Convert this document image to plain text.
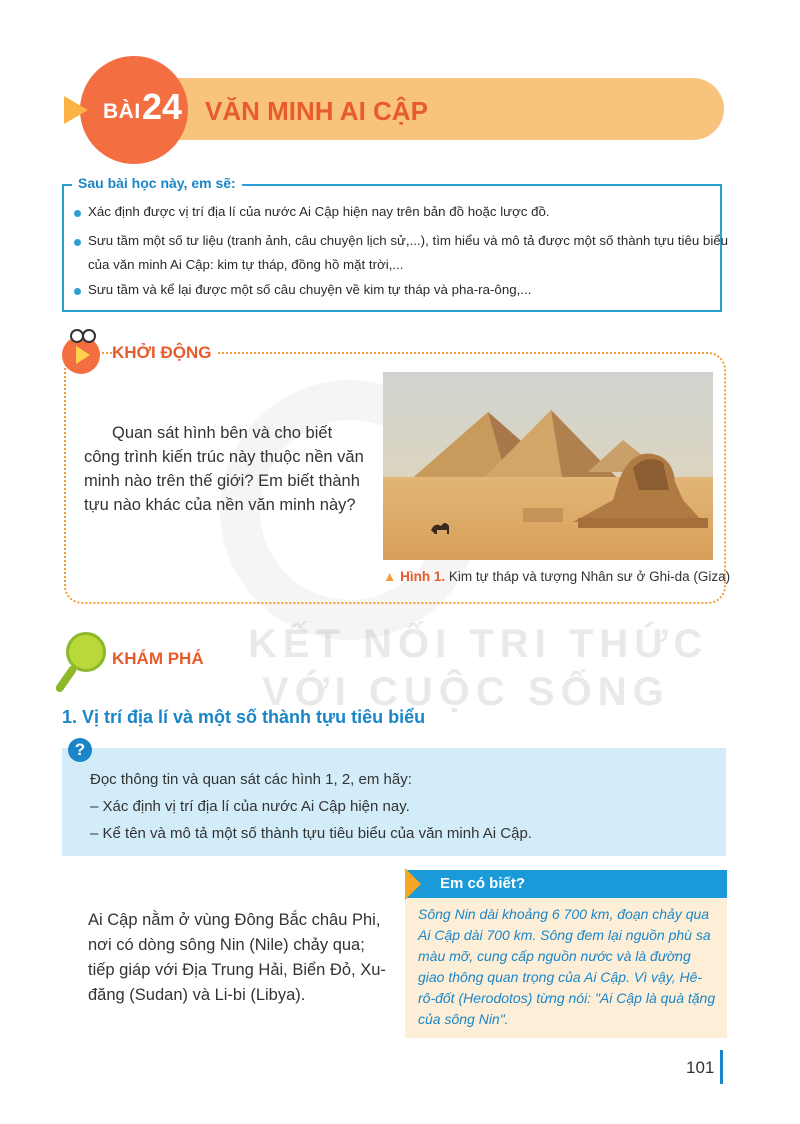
BÀI 24 VĂN MINH AI CẬP
Sau bài học này, em sẽ:
Xác định được vị trí địa lí của nước Ai Cập hiện nay trên bản đồ hoặc lược đồ.
Sưu tầm một số tư liệu (tranh ảnh, câu chuyện lịch sử,...), tìm hiểu và mô tả được một số thành tựu tiêu biểu
của văn minh Ai Cập: kim tự tháp, đồng hồ mặt trời,...
Sưu tầm và kể lại được một số câu chuyện về kim tự tháp và pha-ra-ông,...
KHỞI ĐỘNG

Quan sát hình bên và cho biết công trình kiến trúc này thuộc nền văn minh nào trên thế giới? Em biết thành tựu nào khác của nền văn minh này?

▲ Hình 1. Kim tự tháp và tượng Nhân sư ở Ghi-da (Giza)
KẾT NỐI TRI THỨC
VỚI CUỘC SỐNG
KHÁM PHÁ
1. Vị trí địa lí và một số thành tựu tiêu biểu
?
Đọc thông tin và quan sát các hình 1, 2, em hãy:
– Xác định vị trí địa lí của nước Ai Cập hiện nay.
– Kể tên và mô tả một số thành tựu tiêu biểu của văn minh Ai Cập.

Ai Cập nằm ở vùng Đông Bắc châu Phi, nơi có dòng sông Nin (Nile) chảy qua; tiếp giáp với Địa Trung Hải, Biển Đỏ, Xu-đăng (Sudan) và Li-bi (Libya).

Em có biết?
Sông Nin dài khoảng 6 700 km, đoạn chảy qua Ai Cập dài 700 km. Sông đem lại nguồn phù sa màu mỡ, cung cấp nguồn nước và là đường giao thông quan trọng của Ai Cập. Vì vậy, Hê-rô-đốt (Herodotos) từng nói: "Ai Cập là quà tặng của sông Nin".
101
